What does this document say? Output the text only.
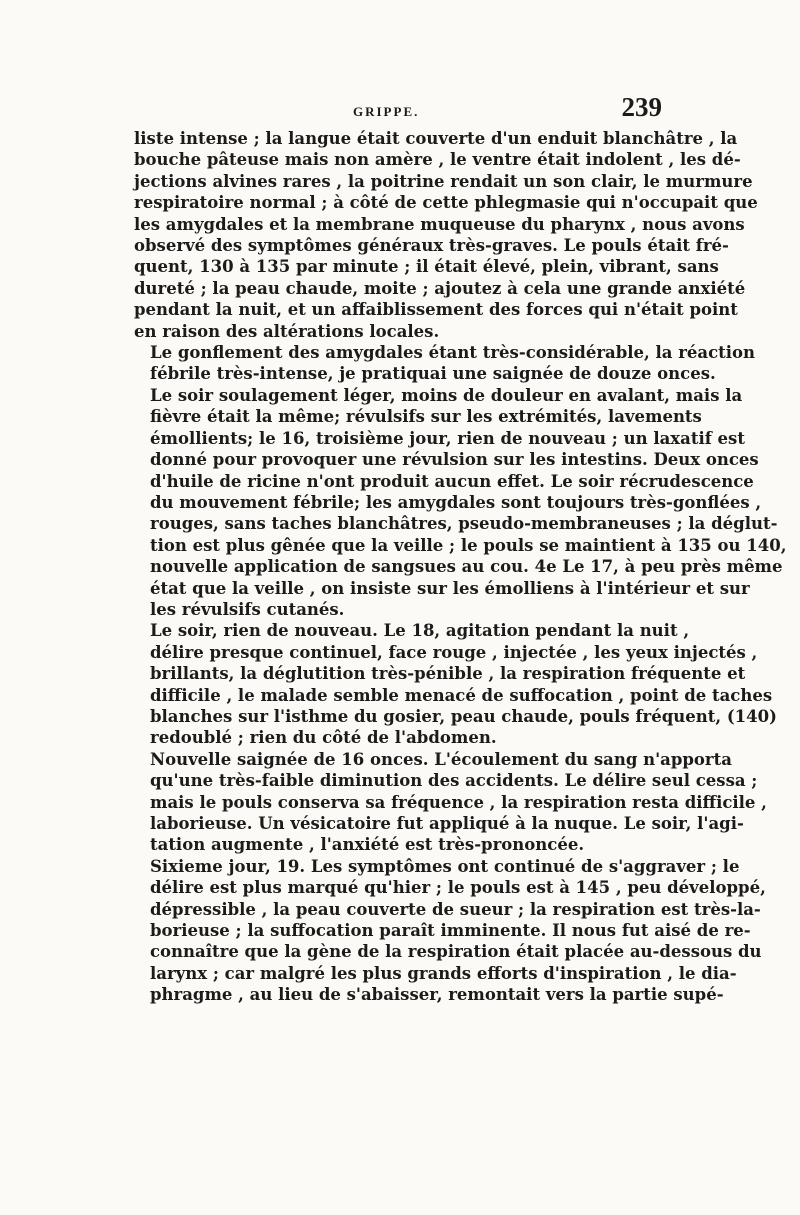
GRIPPE.	239
liste intense ; la langue était couverte d'un enduit blanchâtre , la
bouche pâteuse mais non amère , le ventre était indolent , les dé-
jections alvines rares , la poitrine rendait un son clair, le murmure
respiratoire normal ; à côté de cette phlegmasie qui n'occupait que
les amygdales et la membrane muqueuse du pharynx , nous avons
observé des symptômes généraux très-graves. Le pouls était fré-
quent, 130 à 135 par minute ; il était élevé, plein, vibrant, sans
dureté ; la peau chaude, moite ; ajoutez à cela une grande anxiété
pendant la nuit, et un affaiblissement des forces qui n'était point
en raison des altérations locales.
Le gonflement des amygdales étant très-considérable, la réaction
fébrile très-intense, je pratiquai une saignée de douze onces.
Le soir soulagement léger, moins de douleur en avalant, mais la
fièvre était la même; révulsifs sur les extrémités, lavements
émollients; le 16, troisième jour, rien de nouveau ; un laxatif est
donné pour provoquer une révulsion sur les intestins. Deux onces
d'huile de ricine n'ont produit aucun effet. Le soir récrudescence
du mouvement fébrile; les amygdales sont toujours très-gonflées ,
rouges, sans taches blanchâtres, pseudo-membraneuses ; la déglut-
tion est plus gênée que la veille ; le pouls se maintient à 135 ou 140,
nouvelle application de sangsues au cou. 4e Le 17, à peu près même
état que la veille , on insiste sur les émolliens à l'intérieur et sur
les révulsifs cutanés.
Le soir, rien de nouveau. Le 18, agitation pendant la nuit ,
délire presque continuel, face rouge , injectée , les yeux injectés ,
brillants, la déglutition très-pénible , la respiration fréquente et
difficile , le malade semble menacé de suffocation , point de taches
blanches sur l'isthme du gosier, peau chaude, pouls fréquent, (140)
redoublé ; rien du côté de l'abdomen.
Nouvelle saignée de 16 onces. L'écoulement du sang n'apporta
qu'une très-faible diminution des accidents. Le délire seul cessa ;
mais le pouls conserva sa fréquence , la respiration resta difficile ,
laborieuse. Un vésicatoire fut appliqué à la nuque. Le soir, l'agi-
tation augmente , l'anxiété est très-prononcée.
Sixieme jour, 19. Les symptômes ont continué de s'aggraver ; le
délire est plus marqué qu'hier ; le pouls est à 145 , peu développé,
dépressible , la peau couverte de sueur ; la respiration est très-la-
borieuse ; la suffocation paraît imminente. Il nous fut aisé de re-
connaître que la gène de la respiration était placée au-dessous du
larynx ; car malgré les plus grands efforts d'inspiration , le dia-
phragme , au lieu de s'abaisser, remontait vers la partie supé-
